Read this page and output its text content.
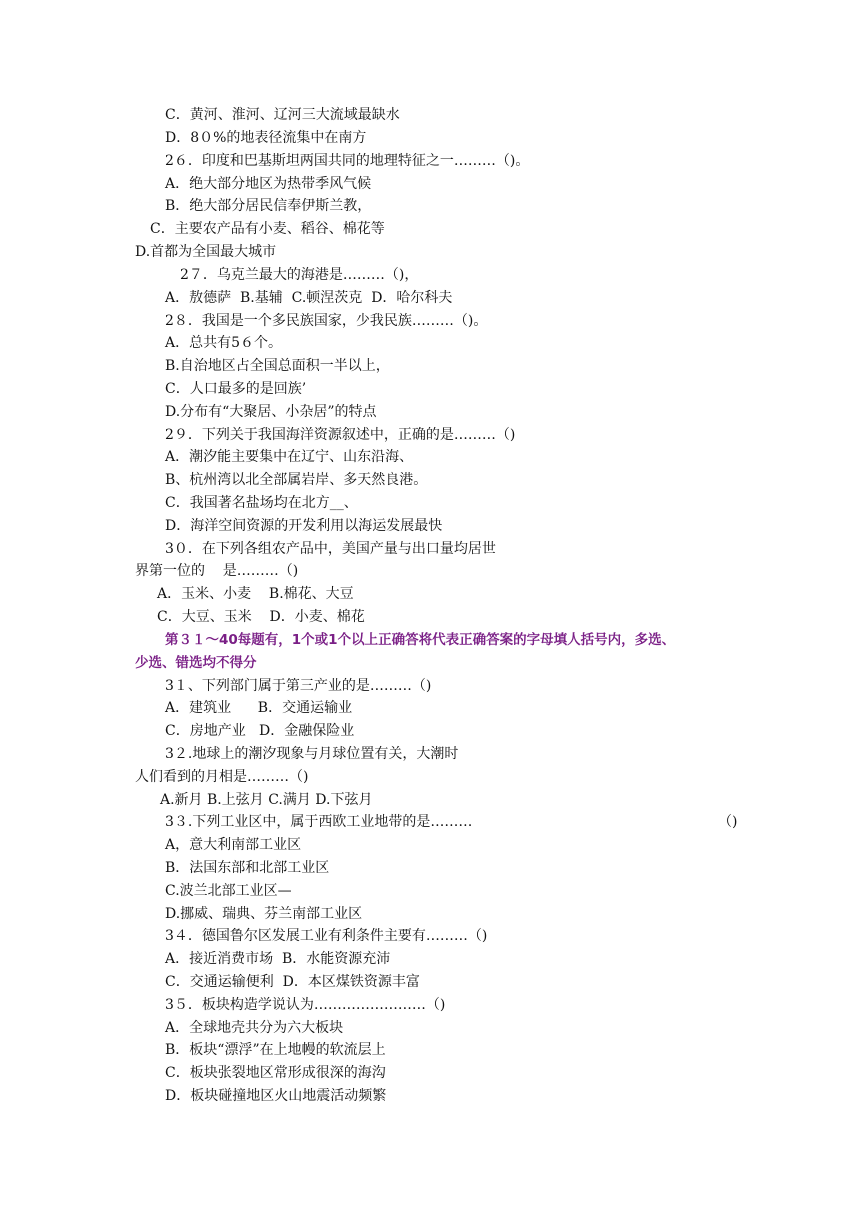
C．黄河、淮河、辽河三大流域最缺水
D．8０%的地表径流集中在南方
2６．印度和巴基斯坦两国共同的地理特征之一………（)。
A．绝大部分地区为热带季风气候
B．绝大部分居民信奉伊斯兰教，
C．主要农产品有小麦、稻谷、棉花等
D.首都为全国最大城市
2７．乌克兰最大的海港是………（)，
A．敖德萨  B.基辅  C.顿涅茨克  D．哈尔科夫
2８．我国是一个多民族国家，少我民族………（)。
A．总共有5６个。
B.自治地区占全国总面积一半以上，
C．人口最多的是回族’
D.分布有“大聚居、小杂居”的特点
2９．下列关于我国海洋资源叙述中，正确的是………（)
A．潮汐能主要集中在辽宁、山东沿海、
B、杭州湾以北全部属岩岸、多天然良港。
C．我国著名盐场均在北方__、
D．海洋空间资源的开发利用以海运发展最快
3０．在下列各组农产品中，美国产量与出口量均居世
界第一位的    是………（)
A．玉米、小麦    B.棉花、大豆
C．大豆、玉米    D．小麦、棉花
第３１～40每题有，1个或1个以上正确答将代表正确答案的字母填人括号内，多选、
少选、错选均不得分
3１、下列部门属于第三产业的是………（)
A．建筑业      B．交通运输业
C．房地产业   D．金融保险业
3２.地球上的潮汐现象与月球位置有关，大潮时
人们看到的月相是………（)
A.新月 B.上弦月 C.满月 D.下弦月
3３.下列工业区中，属于西欧工业地带的是………	（)
A，意大利南部工业区
B．法国东部和北部工业区
C.波兰北部工业区—
D.挪威、瑞典、芬兰南部工业区
3４．德国鲁尔区发展工业有利条件主要有………（)
A．接近消费市场  B．水能资源充沛
C．交通运输便利  D．本区煤铁资源丰富
3５．板块构造学说认为……………………（)
A．全球地壳共分为六大板块
B．板块“漂浮”在上地幔的软流层上
C．板块张裂地区常形成很深的海沟
D．板块碰撞地区火山地震活动频繁
